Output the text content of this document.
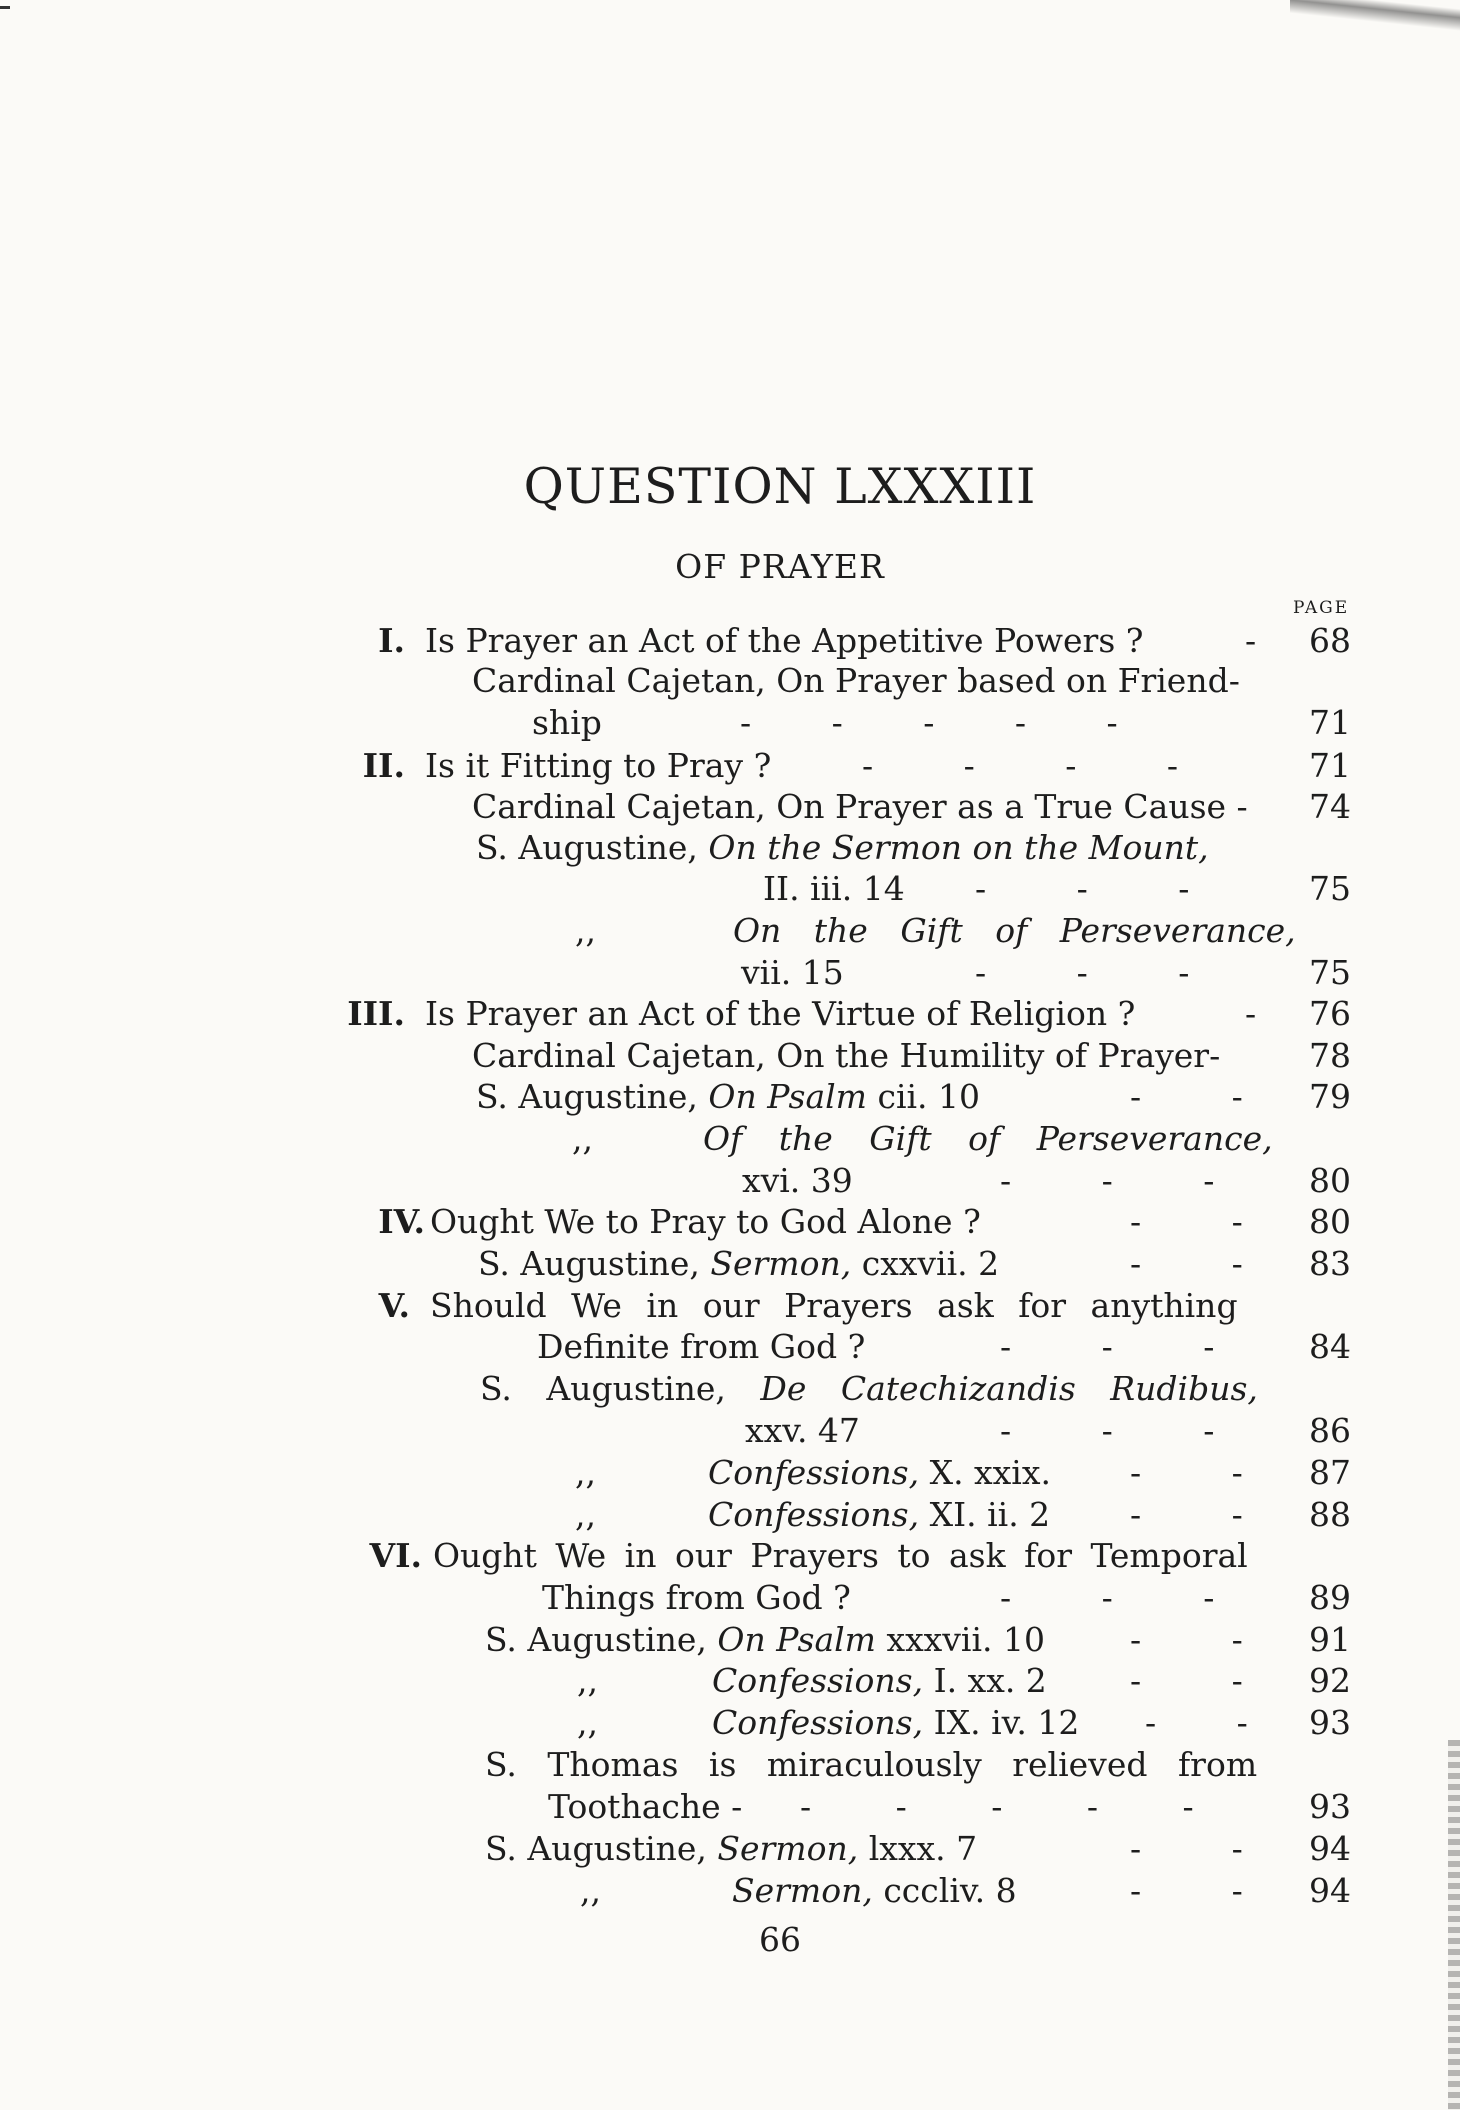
QUESTION LXXXIII
OF PRAYER
PAGE
I. Is Prayer an Act of the Appetitive Powers ?	- 68
Cardinal Cajetan, On Prayer based on Friend-
ship	- - - - -	71
II. Is it Fitting to Pray ?	- - - -	71
Cardinal Cajetan, On Prayer as a True Cause - 74
S. Augustine, On the Sermon on the Mount,
II. iii. 14 - - -	75
,,	On the Gift of Perseverance,
vii. 15	- - -	75
III. Is Prayer an Act of the Virtue of Religion ?	- 76
Cardinal Cajetan, On the Humility of Prayer-	78
S. Augustine, On Psalm cii. 10	- - 79
,,	Of the Gift of Perseverance,
xvi. 39	- - -	80
IV. Ought We to Pray to God Alone ?	- - 80
S. Augustine, Sermon, cxxvii. 2	- - 83
V. Should We in our Prayers ask for anything
Definite from God ?	- - -	84
S. Augustine, De Catechizandis Rudibus,
xxv. 47	- - -	86
,,	Confessions, X. xxix. - - 87
,,	Confessions, XI. ii. 2 - - 88
VI. Ought We in our Prayers to ask for Temporal
Things from God ?	- - -	89
S. Augustine, On Psalm xxxvii. 10	- - 91
,,	Confessions, I. xx. 2	- - 92
,,	Confessions, IX. iv. 12 - - 93
S. Thomas is miraculously relieved from
Toothache - - - - - -	93
S. Augustine, Sermon, lxxx. 7	- - 94
,,	Sermon, cccliv. 8	- - 94
66
